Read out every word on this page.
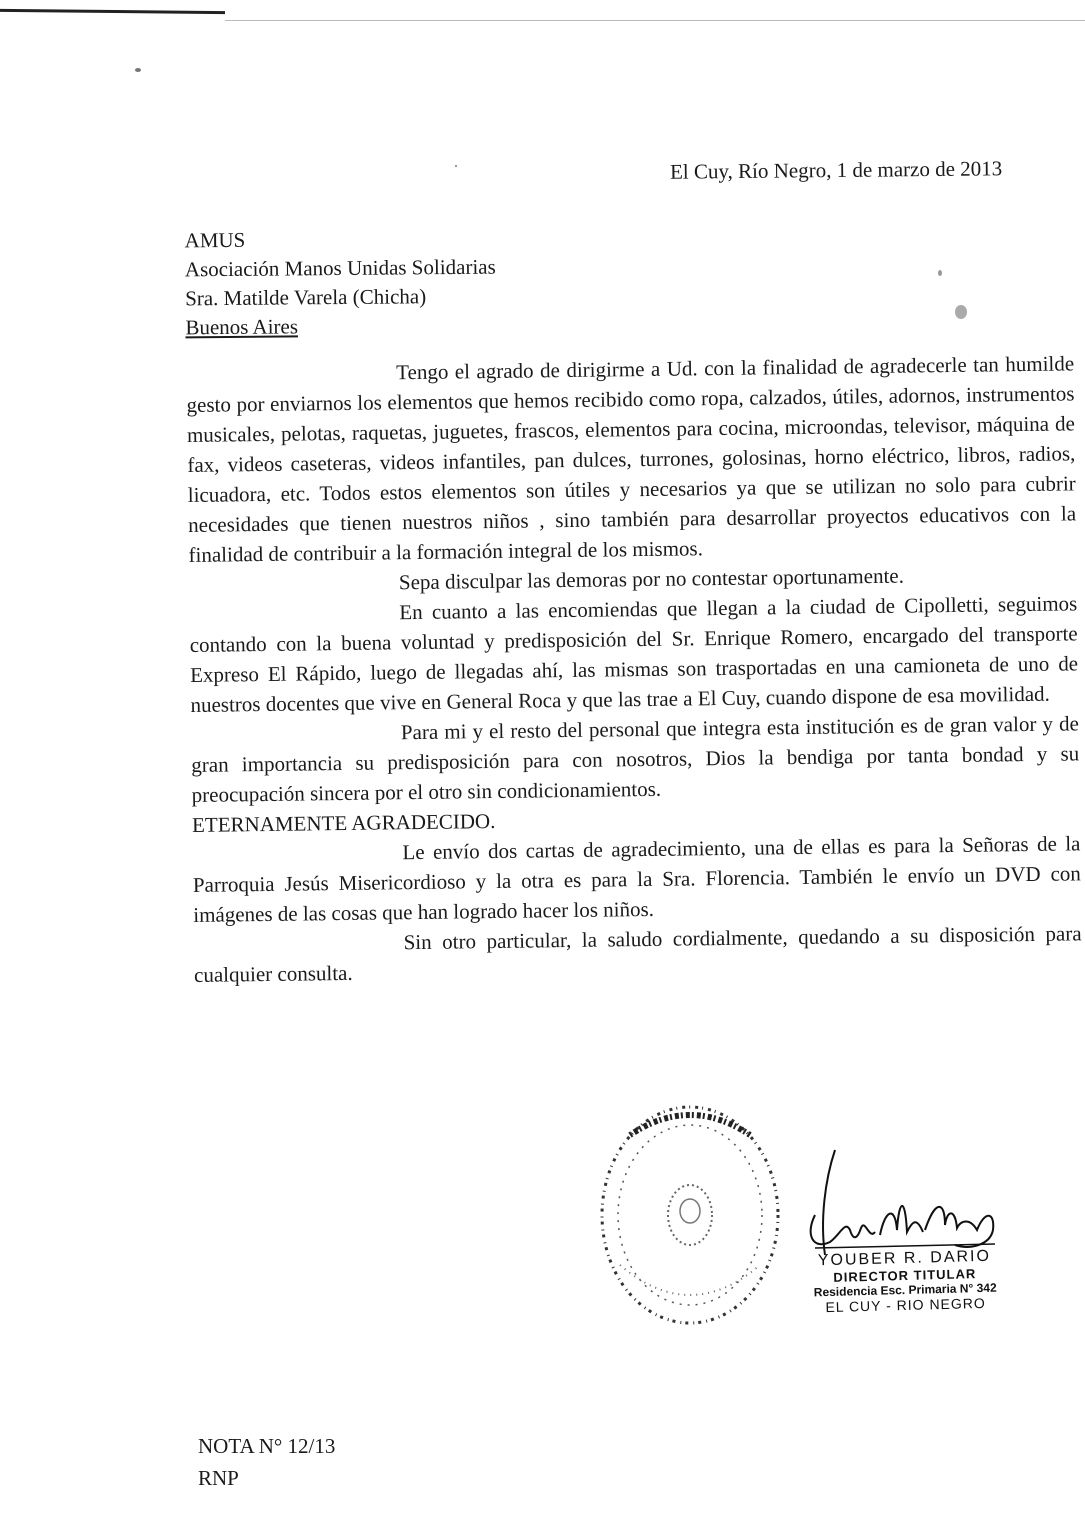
El Cuy, Río Negro, 1 de marzo de 2013
AMUS
Asociación Manos Unidas Solidarias
Sra. Matilde Varela (Chicha)
Buenos Aires

Tengo el agrado de dirigirme a Ud. con la finalidad de agradecerle tan humilde gesto por enviarnos los elementos que hemos recibido como ropa, calzados, útiles, adornos, instrumentos musicales, pelotas, raquetas, juguetes, frascos, elementos para cocina, microondas, televisor, máquina de fax, videos caseteras, videos infantiles, pan dulces, turrones, golosinas, horno eléctrico, libros, radios, licuadora, etc. Todos estos elementos son útiles y necesarios ya que se utilizan no solo para cubrir necesidades que tienen nuestros niños , sino también para desarrollar proyectos educativos con la finalidad de contribuir a la formación integral de los mismos.

Sepa disculpar las demoras por no contestar oportunamente.

En cuanto a las encomiendas que llegan a la ciudad de Cipolletti, seguimos contando con la buena voluntad y predisposición del Sr. Enrique Romero, encargado del transporte Expreso El Rápido, luego de llegadas ahí, las mismas son trasportadas en una camioneta de uno de nuestros docentes que vive en General Roca y que las trae a El Cuy, cuando dispone de esa movilidad.

Para mi y el resto del personal que integra esta institución es de gran valor y de gran importancia su predisposición para con nosotros, Dios la bendiga por tanta bondad y su preocupación sincera por el otro sin condicionamientos.

ETERNAMENTE AGRADECIDO.

Le envío dos cartas de agradecimiento, una de ellas es para la Señoras de la Parroquia Jesús Misericordioso y la otra es para la Sra. Florencia. También le envío un DVD con imágenes de las cosas que han logrado hacer los niños.

Sin otro particular, la saludo cordialmente, quedando a su disposición para cualquier consulta.

YOUBER R. DARIO
DIRECTOR TITULAR
Residencia Esc. Primaria N° 342
EL CUY - RIO NEGRO
NOTA N° 12/13
RNP
